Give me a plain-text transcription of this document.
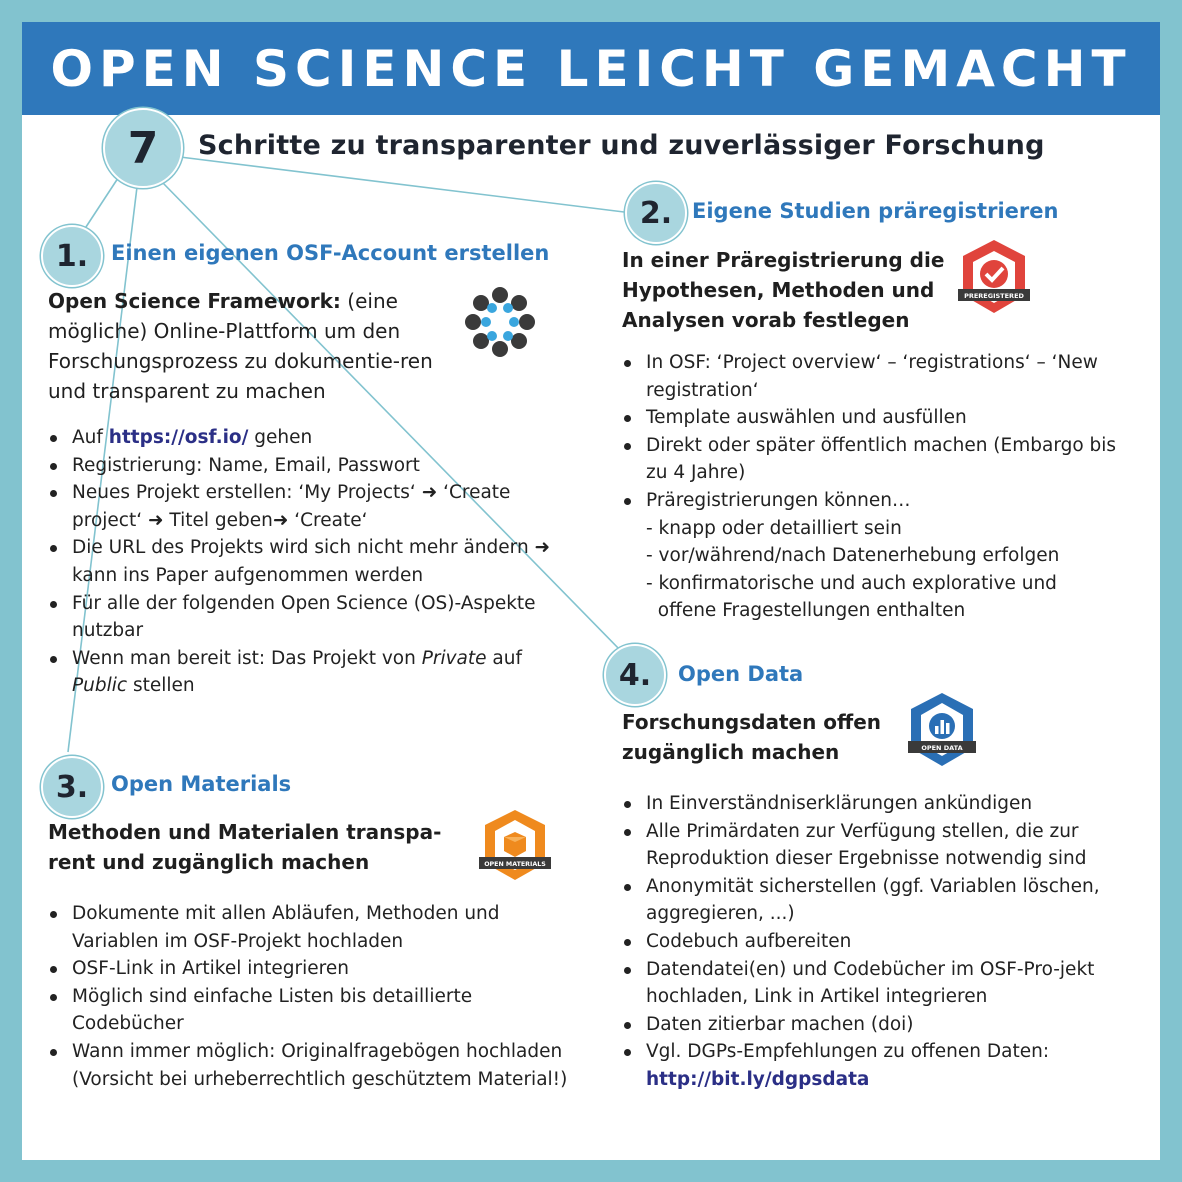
OPEN SCIENCE LEICHT GEMACHT
7	Schritte zu transparenter und zuverlässiger Forschung
1.	Einen eigenen OSF-Account erstellen
Open Science Framework: (eine mögliche) Online-Plattform um den Forschungsprozess zu dokumentie-ren und transparent zu machen
Auf https://osf.io/ gehen
Registrierung: Name, Email, Passwort
Neues Projekt erstellen: ‘My Projects‘ ➜ ‘Create project‘ ➜ Titel geben➜ ‘Create‘
Die URL des Projekts wird sich nicht mehr ändern ➜ kann ins Paper aufgenommen werden
Für alle der folgenden Open Science (OS)-Aspekte nutzbar
Wenn man bereit ist: Das Projekt von Private auf Public stellen
2. Eigene Studien präregistrieren
In einer Präregistrierung die Hypothesen, Methoden und Analysen vorab festlegen
PREREGISTERED
In OSF: ‘Project overview‘ – ‘registrations‘ – ‘New registration‘
Template auswählen und ausfüllen
Direkt oder später öffentlich machen (Embargo bis zu 4 Jahre)
Präregistrierungen können…
- knapp oder detailliert sein
- vor/während/nach Datenerhebung erfolgen
- konfirmatorische und auch explorative und
offene Fragestellungen enthalten
3.	Open Materials
Methoden und Materialen transpa-rent und zugänglich machen	OPEN MATERIALS
Dokumente mit allen Abläufen, Methoden und Variablen im OSF-Projekt hochladen
OSF-Link in Artikel integrieren
Möglich sind einfache Listen bis detaillierte Codebücher
Wann immer möglich: Originalfragebögen hochladen (Vorsicht bei urheberrechtlich geschütztem Material!)
4.	Open Data
Forschungsdaten offen zugänglich machen	OPEN DATA
In Einverständniserklärungen ankündigen
Alle Primärdaten zur Verfügung stellen, die zur Reproduktion dieser Ergebnisse notwendig sind
Anonymität sicherstellen (ggf. Variablen löschen, aggregieren, ...)
Codebuch aufbereiten
Datendatei(en) und Codebücher im OSF-Pro-jekt hochladen, Link in Artikel integrieren
Daten zitierbar machen (doi)
Vgl. DGPs-Empfehlungen zu offenen Daten:
http://bit.ly/dgpsdata
